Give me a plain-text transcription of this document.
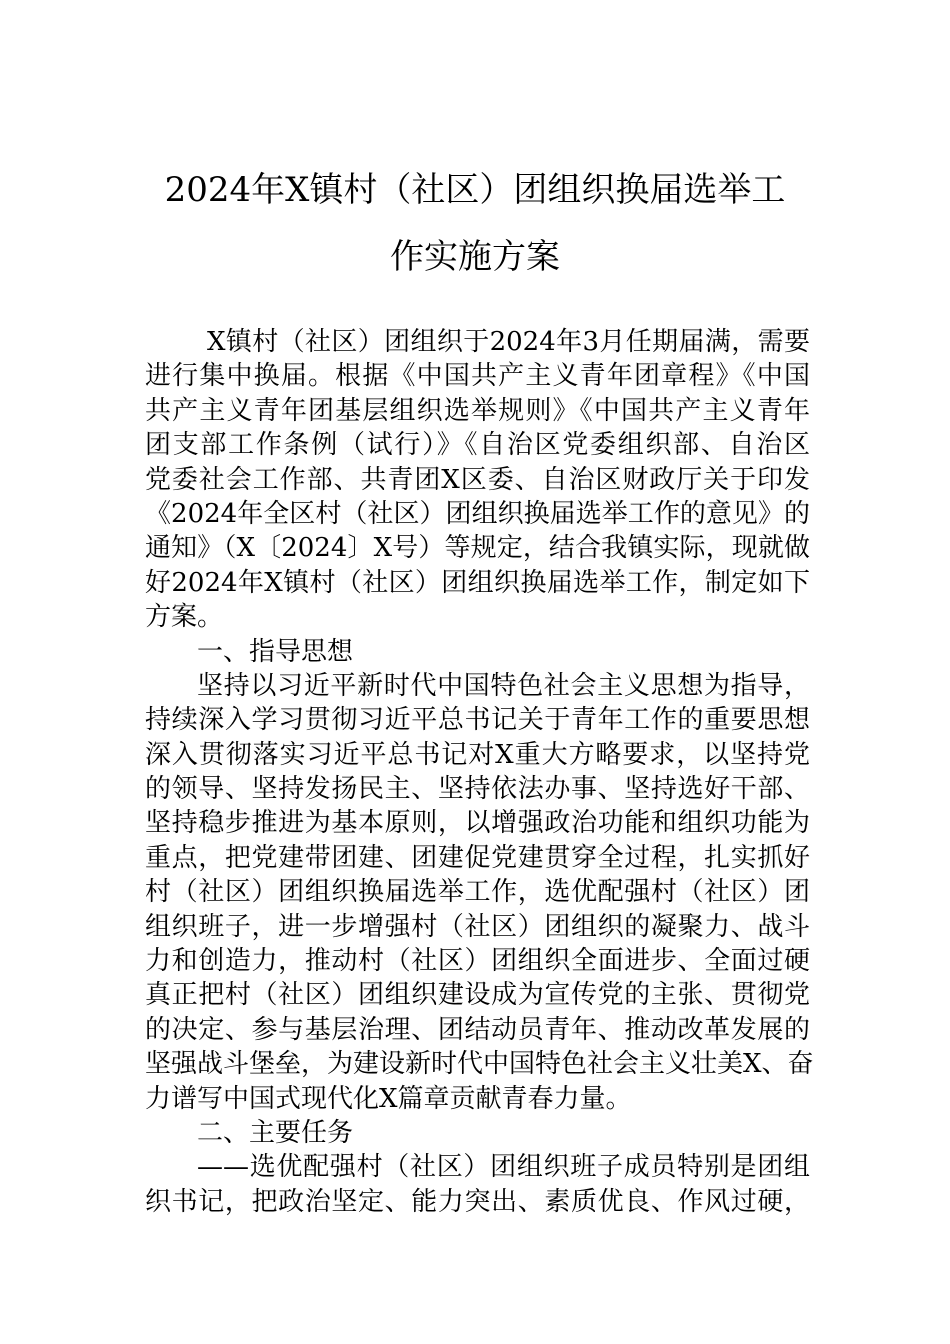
2024年X镇村（社区）团组织换届选举工
作实施方案
X镇村（社区）团组织于2024年3月任期届满，需要
进行集中换届。根据《中国共产主义青年团章程》《中国
共产主义青年团基层组织选举规则》《中国共产主义青年
团支部工作条例（试行）》《自治区党委组织部、自治区
党委社会工作部、共青团X区委、自治区财政厅关于印发
《2024年全区村（社区）团组织换届选举工作的意见》的
通知》（X〔2024〕X号）等规定，结合我镇实际，现就做
好2024年X镇村（社区）团组织换届选举工作，制定如下
方案。
一、指导思想
坚持以习近平新时代中国特色社会主义思想为指导，
持续深入学习贯彻习近平总书记关于青年工作的重要思想
深入贯彻落实习近平总书记对X重大方略要求，以坚持党
的领导、坚持发扬民主、坚持依法办事、坚持选好干部、
坚持稳步推进为基本原则，以增强政治功能和组织功能为
重点，把党建带团建、团建促党建贯穿全过程，扎实抓好
村（社区）团组织换届选举工作，选优配强村（社区）团
组织班子，进一步增强村（社区）团组织的凝聚力、战斗
力和创造力，推动村（社区）团组织全面进步、全面过硬
真正把村（社区）团组织建设成为宣传党的主张、贯彻党
的决定、参与基层治理、团结动员青年、推动改革发展的
坚强战斗堡垒，为建设新时代中国特色社会主义壮美X、奋
力谱写中国式现代化X篇章贡献青春力量。
二、主要任务
——选优配强村（社区）团组织班子成员特别是团组
织书记，把政治坚定、能力突出、素质优良、作风过硬，
